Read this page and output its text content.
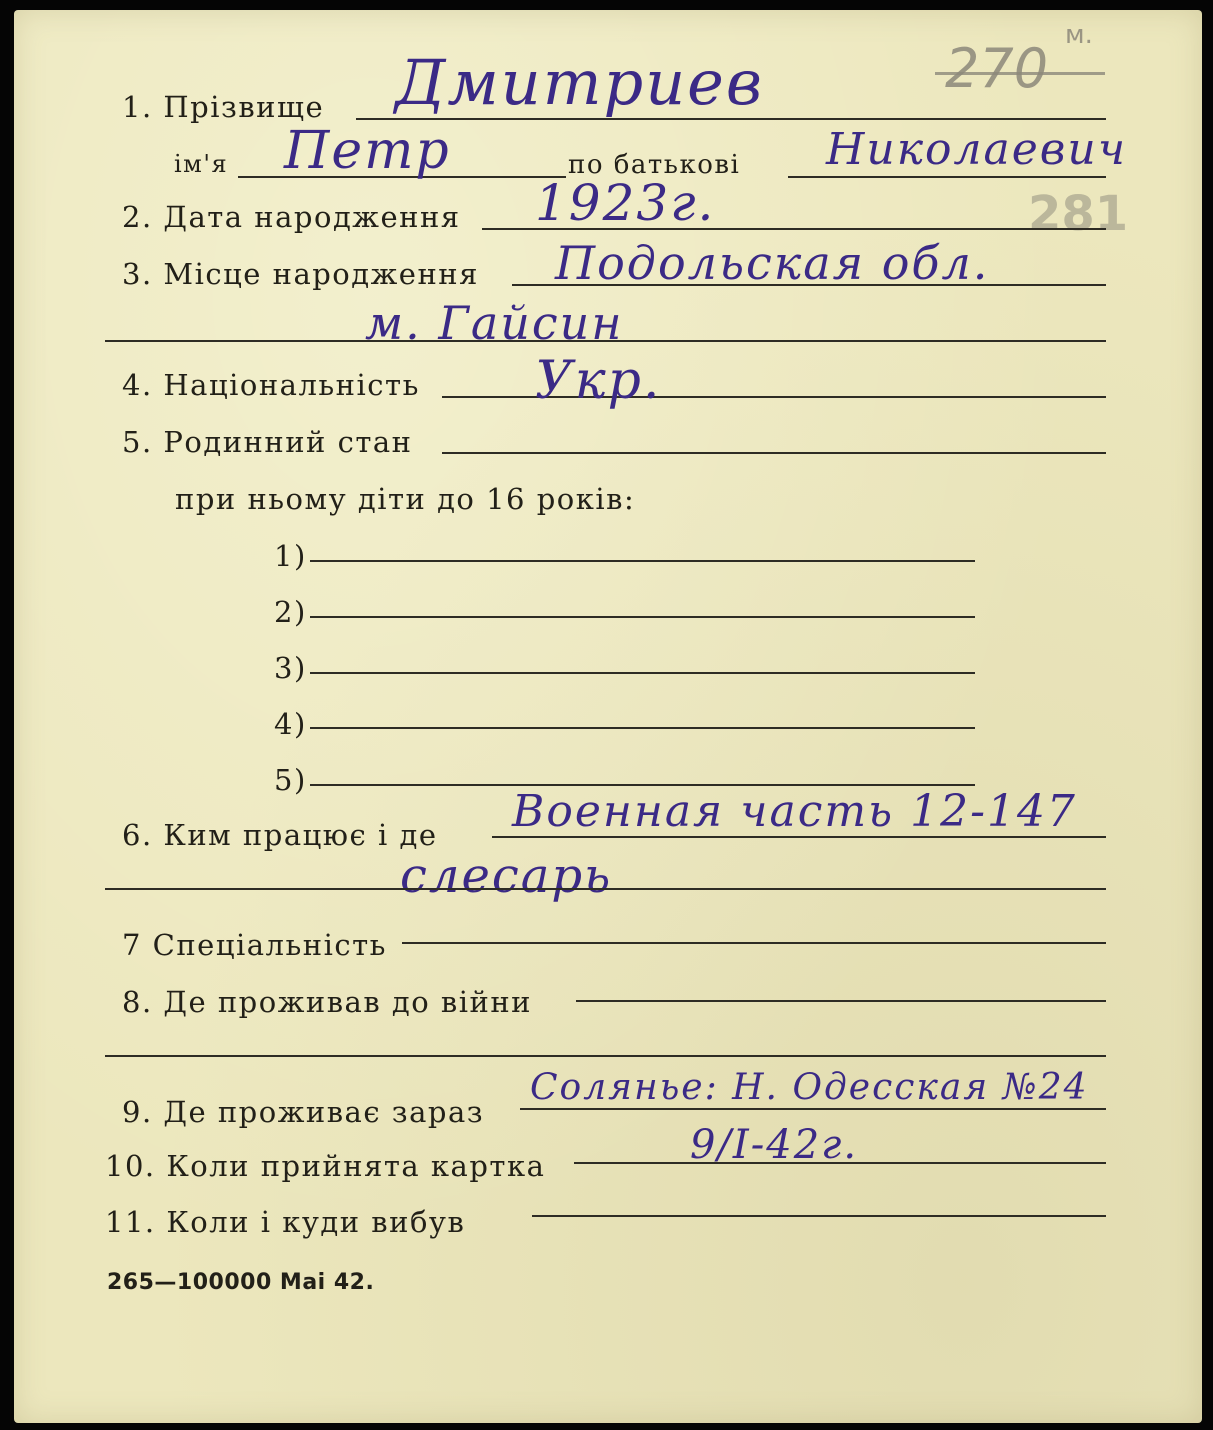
270
м.
281
1. Прізвище Дмитриев
ім'я Петр	по батькові Николаевич
2. Дата народження 1923г.
3. Місце народження Подольская обл.
м. Гайсин
4. Національність Укр.
5. Родинний стан
при ньому діти до 16 років:
1)
2)
3)
4)
5)
6. Ким працює і де Военная часть 12-147
слесарь
7 Спеціальність
8. Де проживав до війни
9. Де проживає зараз
Солянье: Н. Одесская №24
10. Коли прийнята картка	9/I-42г.
11. Коли і куди вибув
265—100000 Mai 42.
